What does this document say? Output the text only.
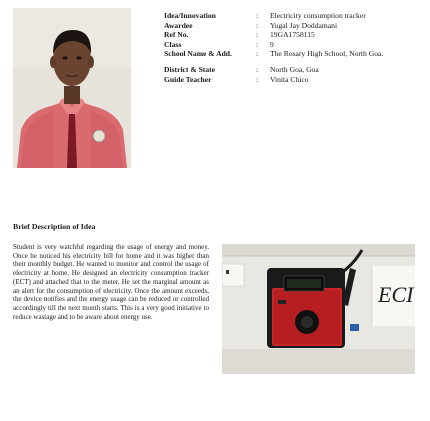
Idea/Innovation	:	Electricity consumption tracker
Awardee	:	Yugal Jay Doddamani
Ref No.	:	19GA1758115
Class	:	9
School Name & Add.	:	The Rosary High School, North Goa.
District & State	:	North Goa, Goa
Guide Teacher	:	Vinita Chico
Brief Description of Idea

Student is very watchful regarding the usage of energy and money. Once he noticed his electricity bill for home and it was higher than their monthly budget. He wanted to monitor and control the usage of electricity at home. He designed an electricity consumption tracker (ECT) and attached that to the meter. He set the marginal amount as an alert for the consumption of electricity. Once the amount exceeds, the device notifies and the energy usage can be reduced or controlled accordingly till the next month starts. This is a very good initiative to reduce wastage and to be aware about energy use.

ECI
